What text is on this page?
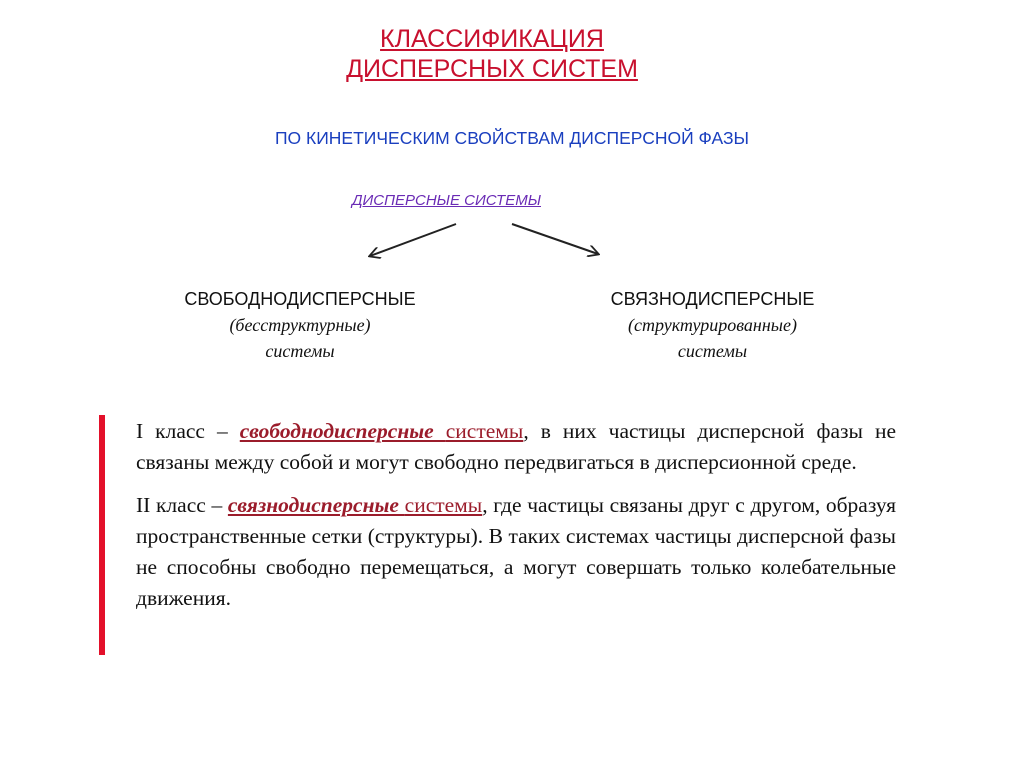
КЛАССИФИКАЦИЯ
ДИСПЕРСНЫХ СИСТЕМ
ПО КИНЕТИЧЕСКИМ СВОЙСТВАМ ДИСПЕРСНОЙ ФАЗЫ
ДИСПЕРСНЫЕ СИСТЕМЫ
СВОБОДНОДИСПЕРСНЫЕ
(бесструктурные)
системы
СВЯЗНОДИСПЕРСНЫЕ
(структурированные)
системы

I класс – свободнодисперсные системы, в них частицы дисперсной фазы не связаны между собой и могут свободно передвигаться в дисперсионной среде.

II класс – связнодисперсные системы, где частицы связаны друг с другом, образуя пространственные сетки (структуры). В таких системах частицы дисперсной фазы не способны свободно перемещаться, а могут совершать только колебательные движения.
